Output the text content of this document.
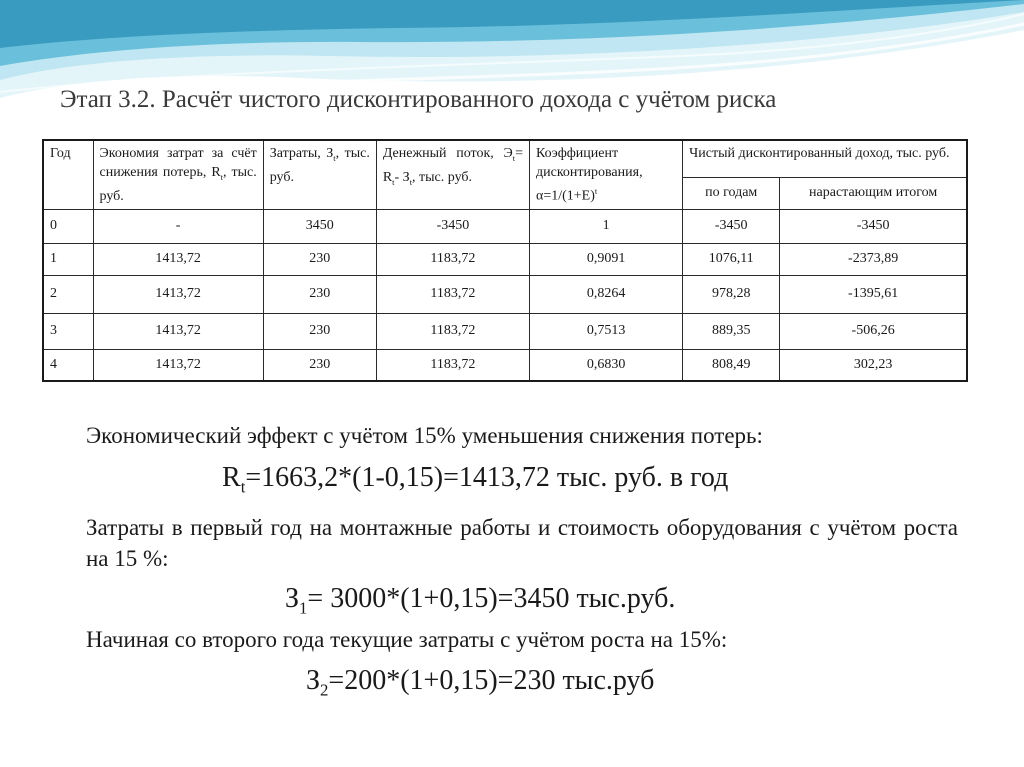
Этап 3.2. Расчёт чистого дисконтированного дохода с учётом риска
Год	Экономия затрат за счёт снижения потерь, $R_t$, тыс. руб.	Затраты, $З_t$, тыс. руб.	Денежный поток, $Э_t= R_t-$ $З_t$, тыс. руб.	Коэффициент дисконтирования, $\alpha=1/(1+E)^t$	Чистый дисконтированный доход, тыс. руб.	
					по годам	нарастающим итогом
0	-	3450	-3450	1	-3450	-3450
1	1413,72	230	1183,72	0,9091	1076,11	-2373,89
2	1413,72	230	1183,72	0,8264	978,28	-1395,61
3	1413,72	230	1183,72	0,7513	889,35	-506,26
4	1413,72	230	1183,72	0,6830	808,49	302,23

Экономический эффект с учётом 15% уменьшения снижения потерь:

$R_t=1663,2*(1-0,15)=1413,72$ тыс. руб. в год

Затраты в первый год на монтажные работы и стоимость оборудования с учётом роста на 15 %:

$З_1= 3000*(1+0,15)=3450$ тыс.руб.

Начиная со второго года текущие затраты с учётом роста на 15%:

$З_2=200*(1+0,15)=230$ тыс.руб
